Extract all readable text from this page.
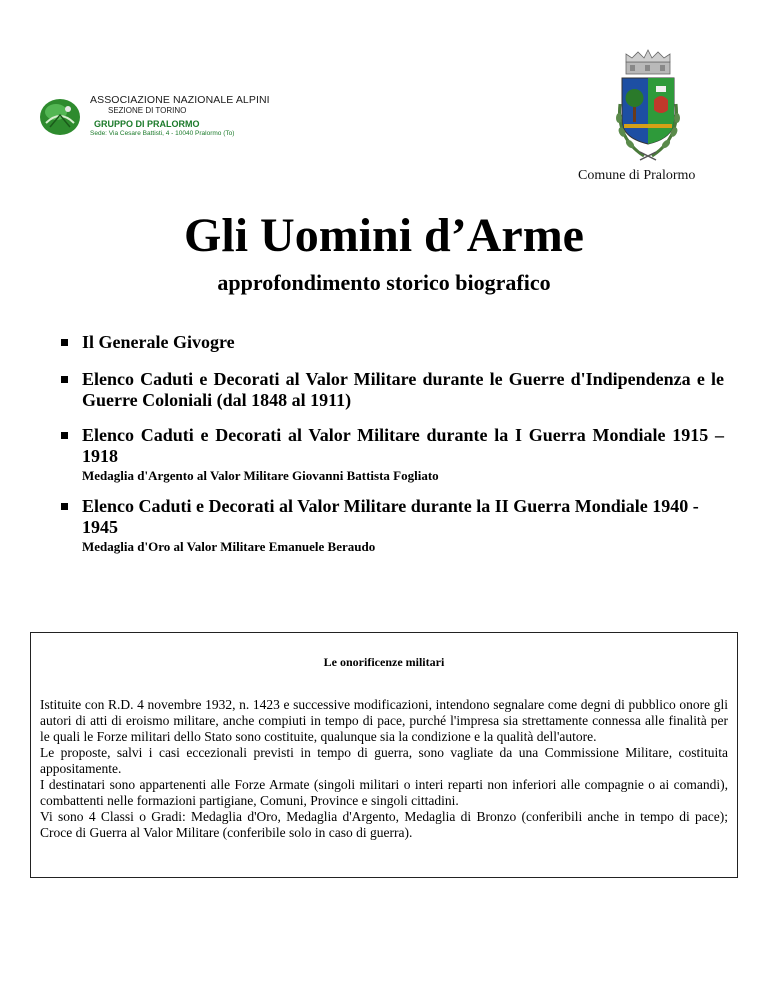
ASSOCIAZIONE NAZIONALE ALPINI
SEZIONE DI TORINO
GRUPPO DI PRALORMO
Sede: Via Cesare Battisti, 4 - 10040 Pralormo (To)
Comune di Pralormo
Gli Uomini d’Arme
approfondimento storico biografico
Il Generale Givogre
Elenco Caduti e Decorati al Valor Militare durante le Guerre d'Indipendenza e le Guerre Coloniali (dal 1848 al 1911)
Elenco Caduti e Decorati al Valor Militare durante la I Guerra Mondiale 1915 – 1918
Medaglia d'Argento al Valor Militare Giovanni Battista Fogliato
Elenco Caduti e Decorati al Valor Militare durante la II Guerra Mondiale 1940 - 1945
Medaglia d'Oro al Valor Militare Emanuele Beraudo
Le onorificenze militari

Istituite con R.D. 4 novembre 1932, n. 1423 e successive modificazioni, intendono segnalare come degni di pubblico onore gli autori di atti di eroismo militare, anche compiuti in tempo di pace, purché l'impresa sia strettamente connessa alle finalità per le quali le Forze militari dello Stato sono costituite, qualunque sia la condizione e la qualità dell'autore.

Le proposte, salvi i casi eccezionali previsti in tempo di guerra, sono vagliate da una Commissione Militare, costituita appositamente.

I destinatari sono appartenenti alle Forze Armate (singoli militari o interi reparti non inferiori alle compagnie o ai comandi), combattenti nelle formazioni partigiane, Comuni, Province e singoli cittadini.

Vi sono 4 Classi o Gradi: Medaglia d'Oro, Medaglia d'Argento, Medaglia di Bronzo (conferibili anche in tempo di pace); Croce di Guerra al Valor Militare (conferibile solo in caso di guerra).
